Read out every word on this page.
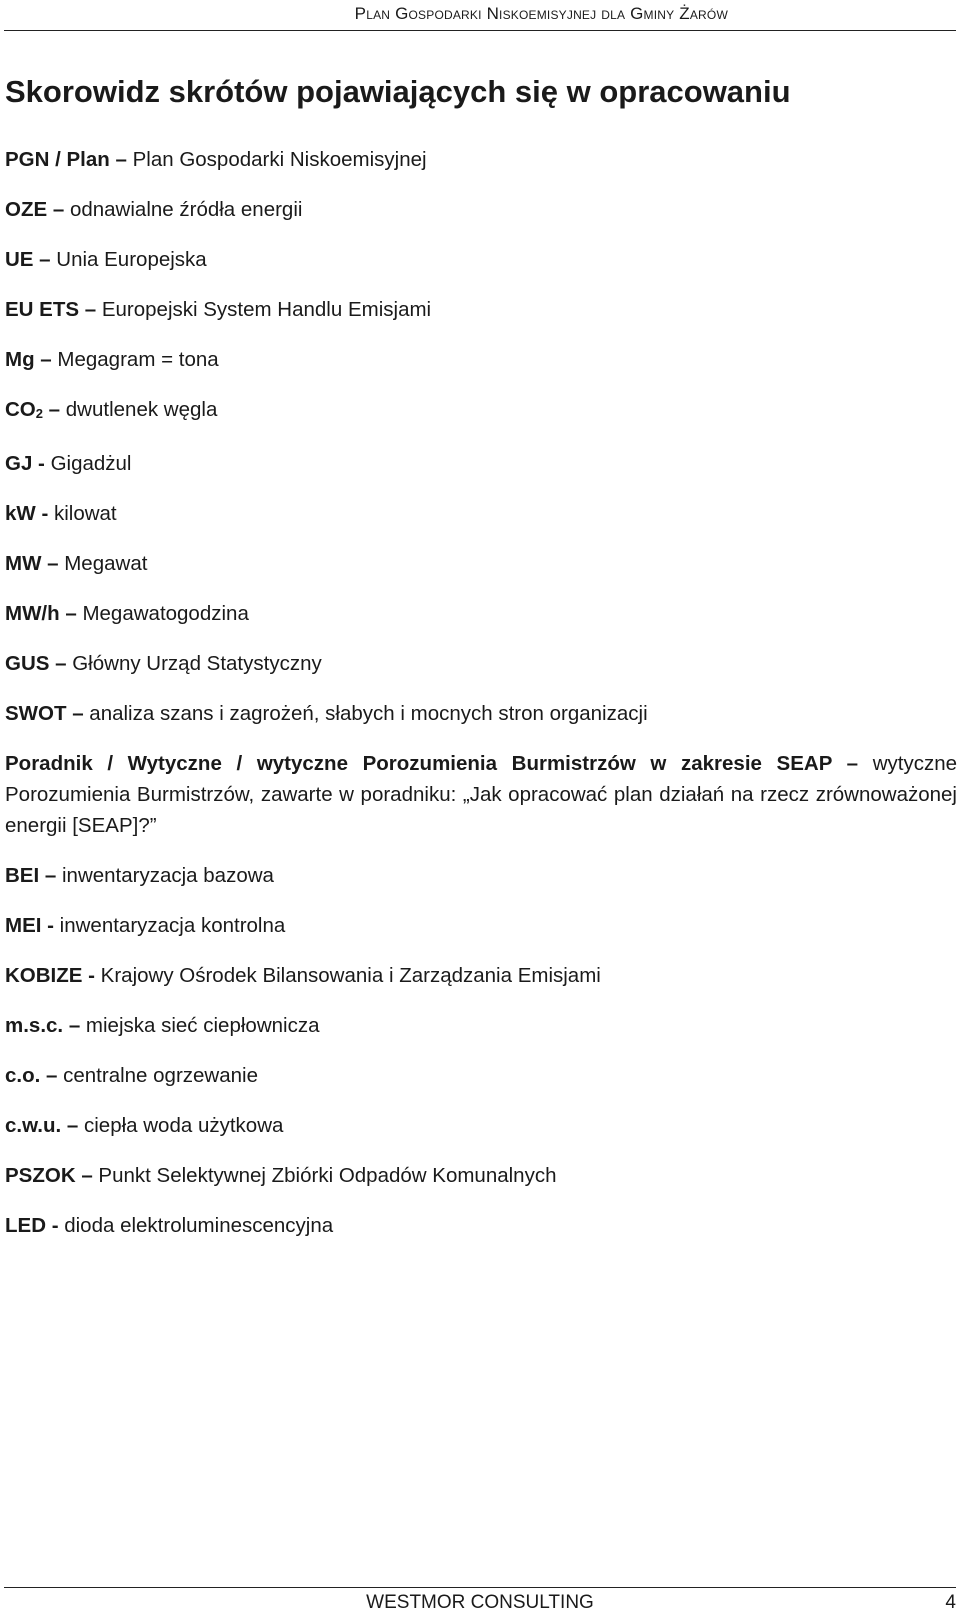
Plan Gospodarki Niskoemisyjnej dla Gminy Żarów
Skorowidz skrótów pojawiających się w opracowaniu

PGN / Plan – Plan Gospodarki Niskoemisyjnej

OZE – odnawialne źródła energii

UE – Unia Europejska

EU ETS – Europejski System Handlu Emisjami

Mg – Megagram = tona

$CO_2$ – dwutlenek węgla

GJ - Gigadżul

kW - kilowat

MW – Megawat

MW/h – Megawatogodzina

GUS – Główny Urząd Statystyczny

SWOT – analiza szans i zagrożeń, słabych i mocnych stron organizacji

Poradnik / Wytyczne / wytyczne Porozumienia Burmistrzów w zakresie SEAP – wytyczne Porozumienia Burmistrzów, zawarte w poradniku: „Jak opracować plan działań na rzecz zrównoważonej energii [SEAP]?”

BEI – inwentaryzacja bazowa

MEI - inwentaryzacja kontrolna

KOBIZE - Krajowy Ośrodek Bilansowania i Zarządzania Emisjami

m.s.c. – miejska sieć ciepłownicza

c.o. – centralne ogrzewanie

c.w.u. – ciepła woda użytkowa

PSZOK – Punkt Selektywnej Zbiórki Odpadów Komunalnych

LED - dioda elektroluminescencyjna

WESTMOR CONSULTING	4
